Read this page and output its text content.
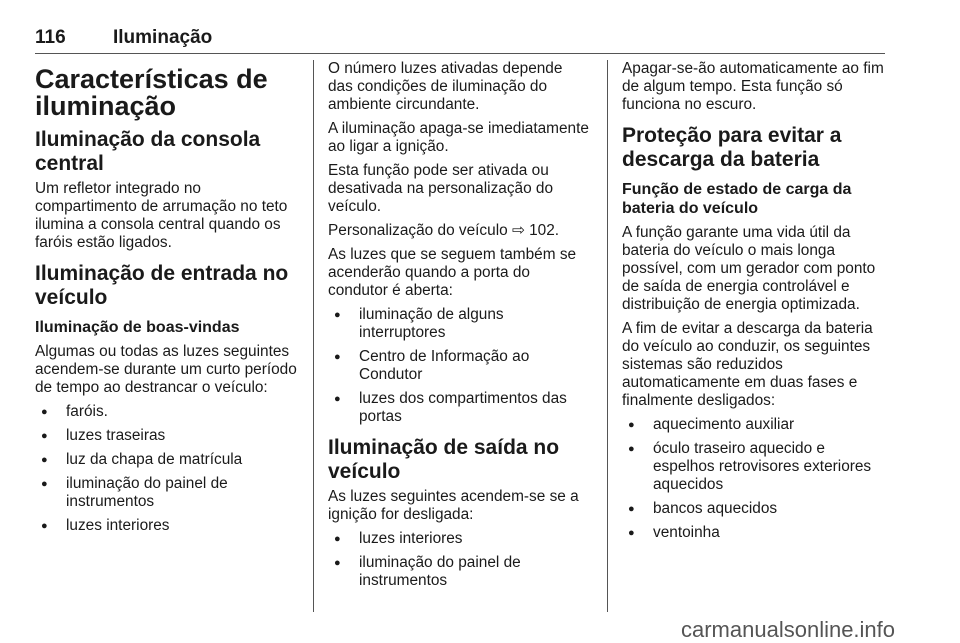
116 Iluminação
Características de iluminação
Iluminação da consola central

Um refletor integrado no compartimento de arrumação no teto ilumina a consola central quando os faróis estão ligados.

Iluminação de entrada no veículo
Iluminação de boas-vindas

Algumas ou todas as luzes seguintes acendem-se durante um curto período de tempo ao destrancar o veículo:

● faróis.
● luzes traseiras
● luz da chapa de matrícula
● iluminação do painel de instrumentos
● luzes interiores

O número luzes ativadas depende das condições de iluminação do ambiente circundante.

A iluminação apaga-se imediatamente ao ligar a ignição.

Esta função pode ser ativada ou desativada na personalização do veículo.

Personalização do veículo ⇨ 102.

As luzes que se seguem também se acenderão quando a porta do condutor é aberta:

● iluminação de alguns interruptores
● Centro de Informação ao Condutor
● luzes dos compartimentos das portas
Iluminação de saída no veículo

As luzes seguintes acendem-se se a ignição for desligada:

● luzes interiores
● iluminação do painel de instrumentos

Apagar-se-ão automaticamente ao fim de algum tempo. Esta função só funciona no escuro.

Proteção para evitar a descarga da bateria
Função de estado de carga da bateria do veículo

A função garante uma vida útil da bateria do veículo o mais longa possível, com um gerador com ponto de saída de energia controlável e distribuição de energia optimizada.

A fim de evitar a descarga da bateria do veículo ao conduzir, os seguintes sistemas são reduzidos automaticamente em duas fases e finalmente desligados:

● aquecimento auxiliar
● óculo traseiro aquecido e espelhos retrovisores exteriores aquecidos
● bancos aquecidos
● ventoinha
carmanualsonline.info
